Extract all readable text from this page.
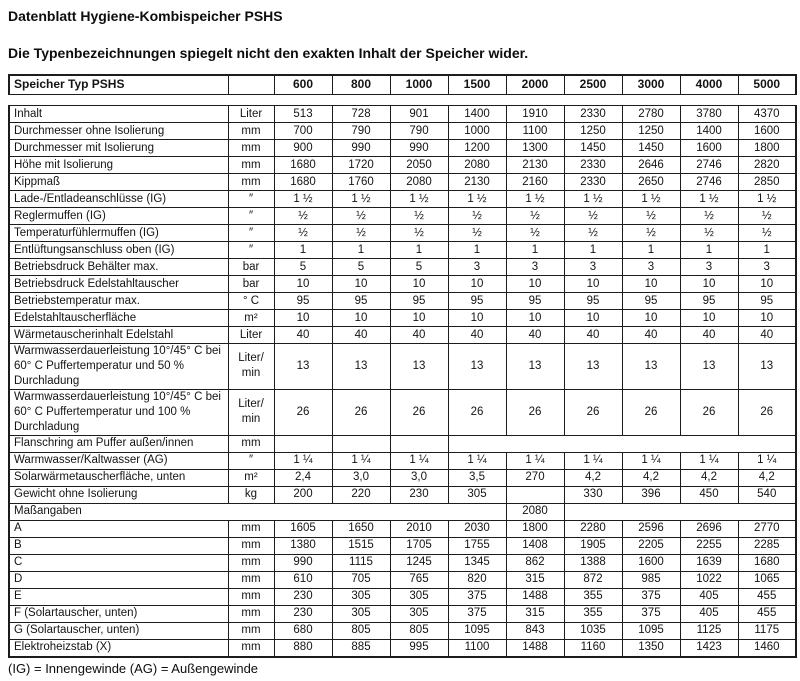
Datenblatt Hygiene-Kombispeicher PSHS
Die Typenbezeichnungen spiegelt nicht den exakten Inhalt der Speicher wider.
Speicher Typ PSHS		600	800	1000	1500	2000	2500	3000	4000	5000

Inhalt	Liter	513	728	901	1400	1910	2330	2780	3780	4370
Durchmesser ohne Isolierung	mm	700	790	790	1000	1100	1250	1250	1400	1600
Durchmesser mit Isolierung	mm	900	990	990	1200	1300	1450	1450	1600	1800
Höhe mit Isolierung	mm	1680	1720	2050	2080	2130	2330	2646	2746	2820
Kippmaß	mm	1680	1760	2080	2130	2160	2330	2650	2746	2850
Lade-/Entladeanschlüsse (IG)	″	1 ½	1 ½	1 ½	1 ½	1 ½	1 ½	1 ½	1 ½	1 ½
Reglermuffen (IG)	″	½	½	½	½	½	½	½	½	½
Temperaturfühlermuffen (IG)	″	½	½	½	½	½	½	½	½	½
Entlüftungsanschluss oben (IG)	″	1	1	1	1	1	1	1	1	1
Betriebsdruck Behälter max.	bar	5	5	5	3	3	3	3	3	3
Betriebsdruck Edelstahltauscher	bar	10	10	10	10	10	10	10	10	10
Betriebstemperatur max.	° C	95	95	95	95	95	95	95	95	95
Edelstahltauscherfläche	m²	10	10	10	10	10	10	10	10	10
Wärmetauscherinhalt Edelstahl	Liter	40	40	40	40	40	40	40	40	40
Warmwasserdauerleistung 10°/45° C bei 60° C Puffertemperatur und 50 % Durchladung	Liter/ min	13	13	13	13	13	13	13	13	13
Warmwasserdauerleistung 10°/45° C bei 60° C Puffertemperatur und 100 % Durchladung	Liter/ min	26	26	26	26	26	26	26	26	26
Flanschring am Puffer außen/innen	mm									
Warmwasser/Kaltwasser (AG)	″	1 ¼	1 ¼	1 ¼	1 ¼	1 ¼	1 ¼	1 ¼	1 ¼	1 ¼
Solarwärmetauscherfläche, unten	m²	2,4	3,0	3,0	3,5	270	4,2	4,2	4,2	4,2
Gewicht ohne Isolierung	kg	200	220	230	305		330	396	450	540
Maßangaben						2080				
A	mm	1605	1650	2010	2030	1800	2280	2596	2696	2770
B	mm	1380	1515	1705	1755	1408	1905	2205	2255	2285
C	mm	990	1115	1245	1345	862	1388	1600	1639	1680
D	mm	610	705	765	820	315	872	985	1022	1065
E	mm	230	305	305	375	1488	355	375	405	455
F (Solartauscher, unten)	mm	230	305	305	375	315	355	375	405	455
G (Solartauscher, unten)	mm	680	805	805	1095	843	1035	1095	1125	1175
Elektroheizstab (X)	mm	880	885	995	1100	1488	1160	1350	1423	1460

(IG) = Innengewinde (AG) = Außengewinde
